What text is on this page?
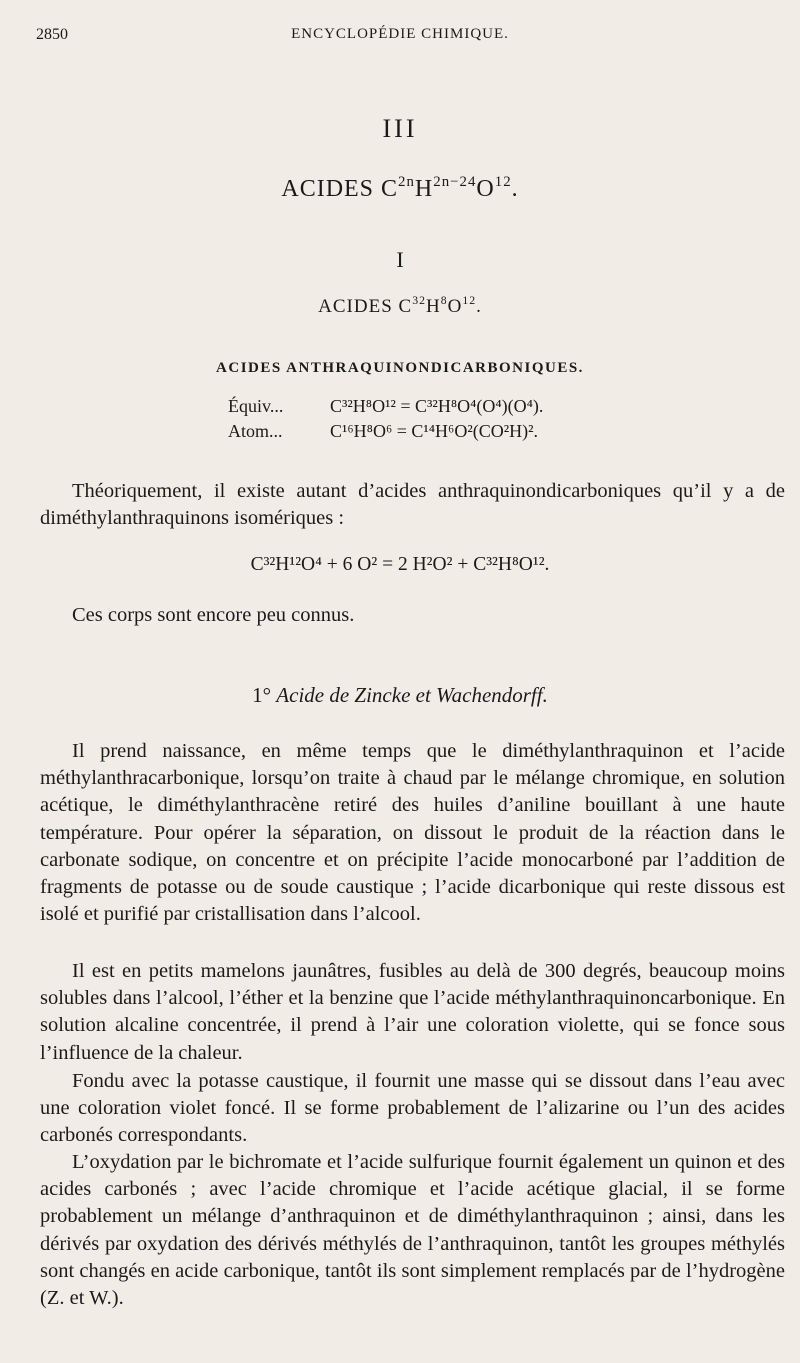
2850	ENCYCLOPÉDIE CHIMIQUE.
III
ACIDES $C^{2n}H^{2n-24}O^{12}$.
I
ACIDES $C^{32}H^8O^{12}$.
ACIDES ANTHRAQUINONDICARBONIQUES.
Équiv...	C³²H⁸O¹² = C³²H⁸O⁴(O⁴)(O⁴).
Atom...	C¹⁶H⁸O⁶ = C¹⁴H⁶O²(CO²H)².

Théoriquement, il existe autant d’acides anthraquinondicarboniques qu’il y a de diméthylanthraquinons isomériques :

C³²H¹²O⁴ + 6 O² = 2 H²O² + C³²H⁸O¹².

Ces corps sont encore peu connus.

1° Acide de Zincke et Wachendorff.

Il prend naissance, en même temps que le diméthylanthraquinon et l’acide méthylanthracarbonique, lorsqu’on traite à chaud par le mélange chromique, en solution acétique, le diméthylanthracène retiré des huiles d’aniline bouillant à une haute température. Pour opérer la séparation, on dissout le produit de la réaction dans le carbonate sodique, on concentre et on précipite l’acide monocarboné par l’addition de fragments de potasse ou de soude caustique ; l’acide dicarbonique qui reste dissous est isolé et purifié par cristallisation dans l’alcool.

Il est en petits mamelons jaunâtres, fusibles au delà de 300 degrés, beaucoup moins solubles dans l’alcool, l’éther et la benzine que l’acide méthylanthraquinoncarbonique. En solution alcaline concentrée, il prend à l’air une coloration violette, qui se fonce sous l’influence de la chaleur.

Fondu avec la potasse caustique, il fournit une masse qui se dissout dans l’eau avec une coloration violet foncé. Il se forme probablement de l’alizarine ou l’un des acides carbonés correspondants.

L’oxydation par le bichromate et l’acide sulfurique fournit également un quinon et des acides carbonés ; avec l’acide chromique et l’acide acétique glacial, il se forme probablement un mélange d’anthraquinon et de diméthylanthraquinon ; ainsi, dans les dérivés par oxydation des dérivés méthylés de l’anthraquinon, tantôt les groupes méthylés sont changés en acide carbonique, tantôt ils sont simplement remplacés par de l’hydrogène (Z. et W.).
